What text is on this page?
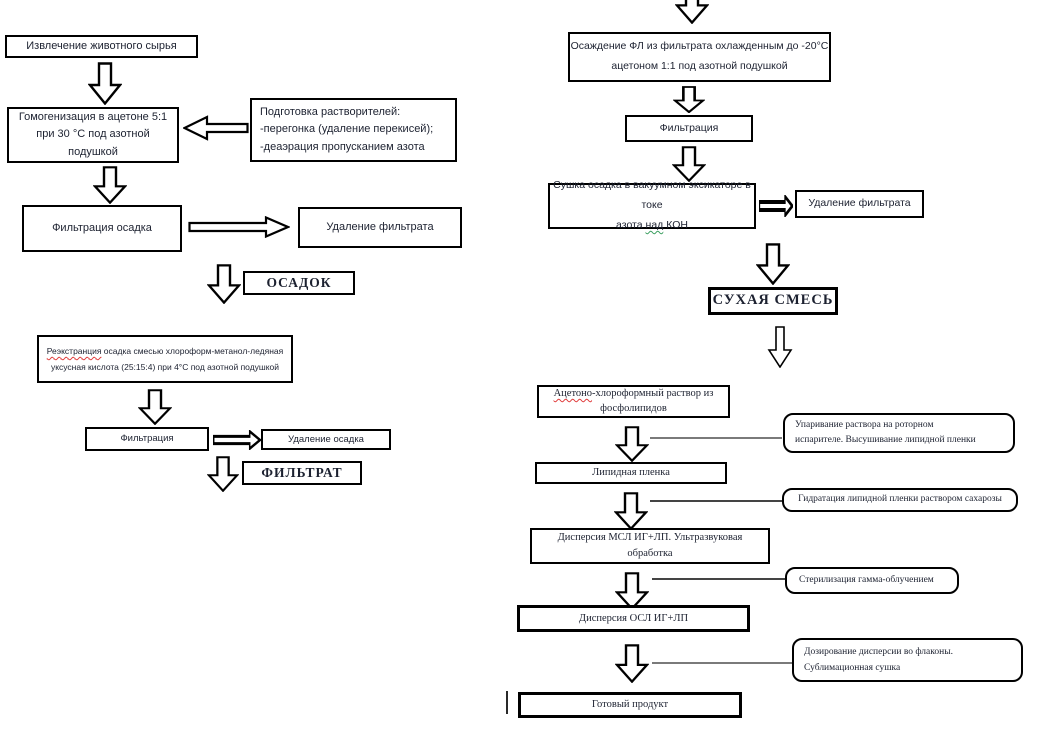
Извлечение животного сырья
Гомогенизация в ацетоне 5:1
при 30 °С под азотной
подушкой
Подготовка растворителей:
-перегонка (удаление перекисей);
-деаэрация пропусканием азота
Фильтрация осадка	Удаление фильтрата
ОСАДОК
Реэкстранция осадка смесью хлороформ-метанол-ледяная
уксусная кислота (25:15:4) при 4°С под азотной подушкой
Фильтрация	Удаление осадка
ФИЛЬТРАТ
Осаждение ФЛ из фильтрата охлажденным до -20°С
ацетоном 1:1 под азотной подушкой
Фильтрация
Сушка осадка в вакуумном эксикаторе в токе
азота над КОН
Удаление фильтрата
СУХАЯ СМЕСЬ
Ацетоно-хлороформный раствор из
фосфолипидов
Упаривание раствора на роторном
испарителе. Высушивание липидной пленки
Липидная пленка
Гидратация липидной пленки раствором сахарозы
Дисперсия МСЛ ИГ+ЛП. Ультразвуковая
обработка
Стерилизация гамма-облучением
Дисперсия ОСЛ ИГ+ЛП
Дозирование дисперсии во флаконы.
Сублимационная сушка
Готовый продукт
